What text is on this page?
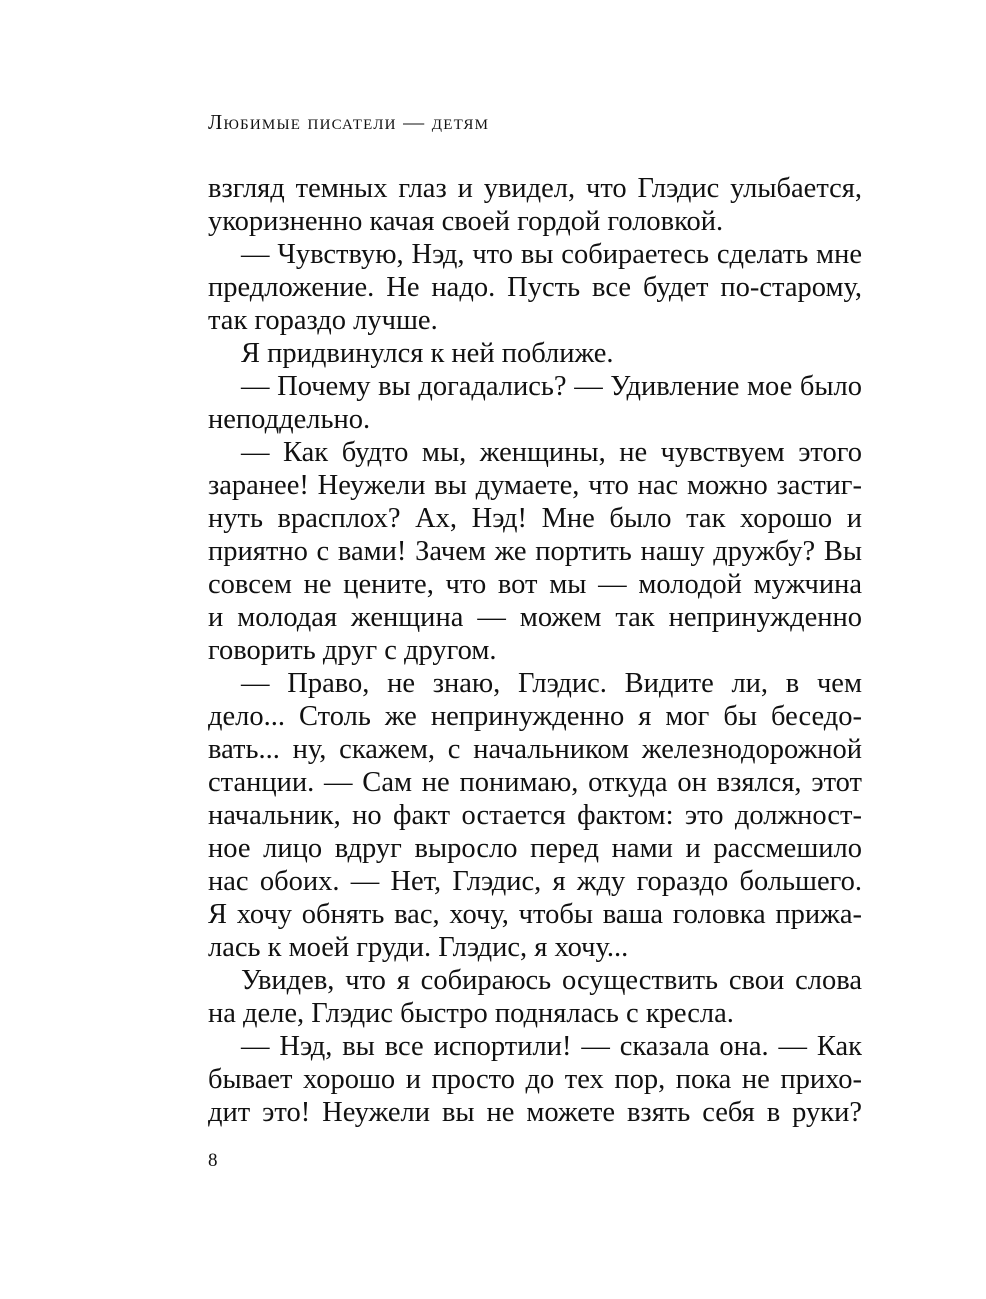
Любимые писатели — детям
взгляд темных глаз и увидел, что Глэдис улыбается,
укоризненно качая своей гордой головкой.
— Чувствую, Нэд, что вы собираетесь сделать мне
предложение. Не надо. Пусть все будет по-старому,
так гораздо лучше.
Я придвинулся к ней поближе.
— Почему вы догадались? — Удивление мое было
неподдельно.
— Как будто мы, женщины, не чувствуем этого
заранее! Неужели вы думаете, что нас можно застиг-
нуть врасплох? Ах, Нэд! Мне было так хорошо и
приятно с вами! Зачем же портить нашу дружбу? Вы
совсем не цените, что вот мы — молодой мужчина
и молодая женщина — можем так непринужденно
говорить друг с другом.
— Право, не знаю, Глэдис. Видите ли, в чем
дело... Столь же непринужденно я мог бы беседо-
вать... ну, скажем, с начальником железнодорожной
станции. — Сам не понимаю, откуда он взялся, этот
начальник, но факт остается фактом: это должност-
ное лицо вдруг выросло перед нами и рассмешило
нас обоих. — Нет, Глэдис, я жду гораздо большего.
Я хочу обнять вас, хочу, чтобы ваша головка прижа-
лась к моей груди. Глэдис, я хочу...
Увидев, что я собираюсь осуществить свои слова
на деле, Глэдис быстро поднялась с кресла.
— Нэд, вы все испортили! — сказала она. — Как
бывает хорошо и просто до тех пор, пока не прихо-
дит это! Неужели вы не можете взять себя в руки?
8
